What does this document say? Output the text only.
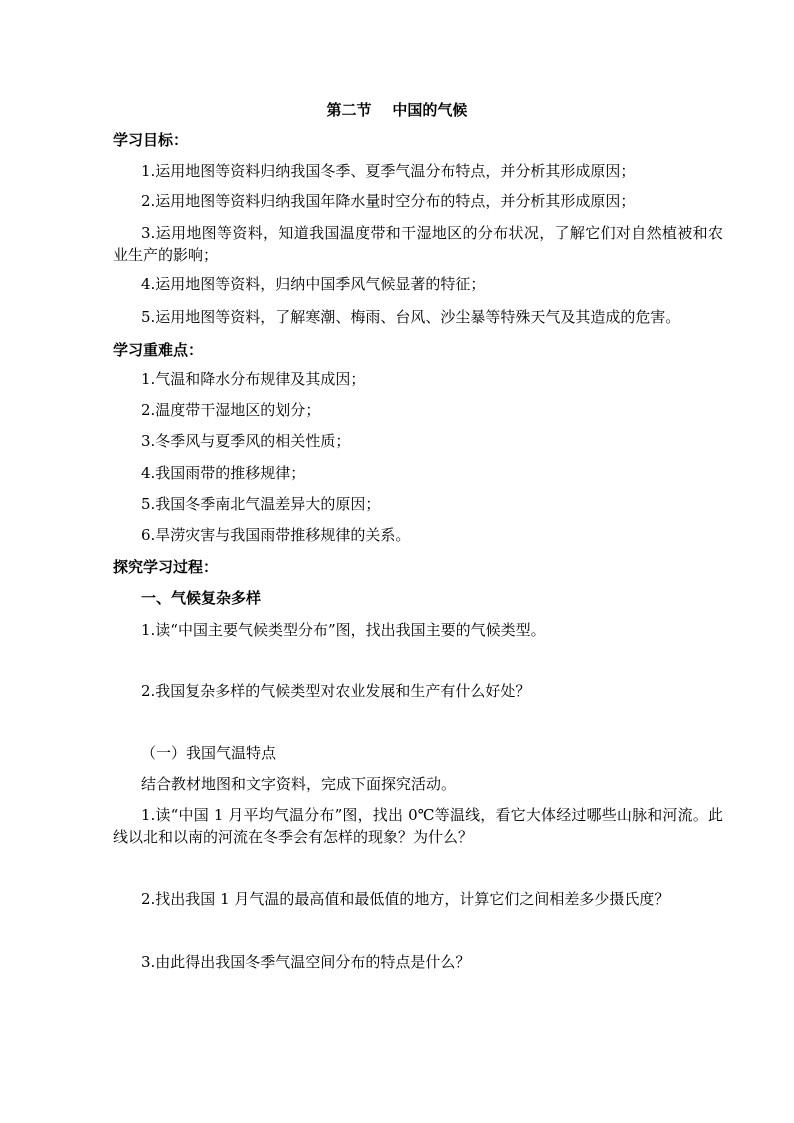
第二节    中国的气候
学习目标：
1.运用地图等资料归纳我国冬季、夏季气温分布特点，并分析其形成原因；
2.运用地图等资料归纳我国年降水量时空分布的特点，并分析其形成原因；
3.运用地图等资料，知道我国温度带和干湿地区的分布状况，了解它们对自然植被和农业生产的影响；
4.运用地图等资料，归纳中国季风气候显著的特征；
5.运用地图等资料，了解寒潮、梅雨、台风、沙尘暴等特殊天气及其造成的危害。
学习重难点：
1.气温和降水分布规律及其成因；
2.温度带干湿地区的划分；
3.冬季风与夏季风的相关性质；
4.我国雨带的推移规律；
5.我国冬季南北气温差异大的原因；
6.旱涝灾害与我国雨带推移规律的关系。
探究学习过程：
一、气候复杂多样
1.读“中国主要气候类型分布”图，找出我国主要的气候类型。
2.我国复杂多样的气候类型对农业发展和生产有什么好处？
（一）我国气温特点
结合教材地图和文字资料，完成下面探究活动。
1.读“中国 1 月平均气温分布”图，找出 0℃等温线，看它大体经过哪些山脉和河流。此线以北和以南的河流在冬季会有怎样的现象？为什么？
2.找出我国 1 月气温的最高值和最低值的地方，计算它们之间相差多少摄氏度？
3.由此得出我国冬季气温空间分布的特点是什么？
